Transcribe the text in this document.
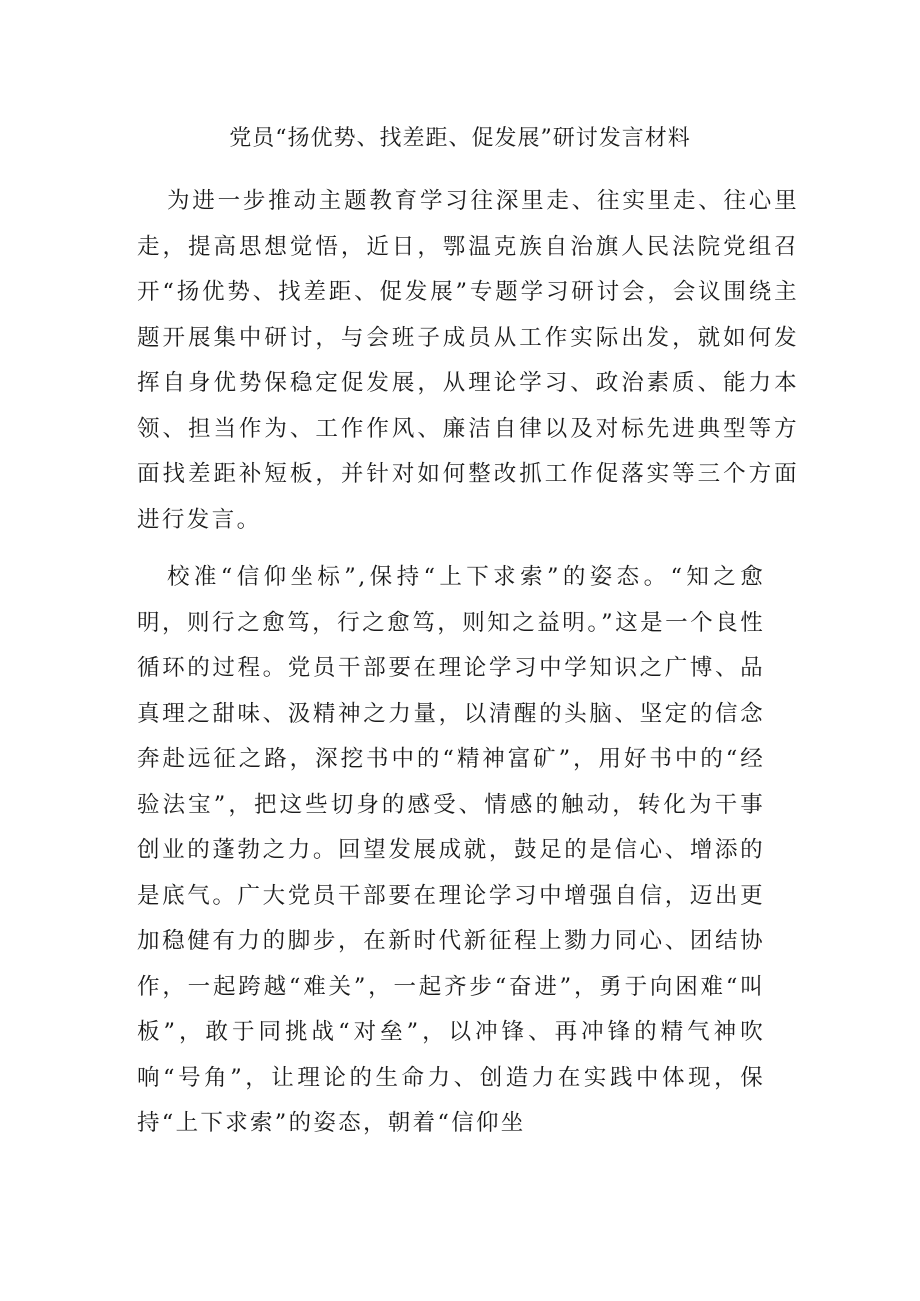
党员“扬优势、找差距、促发展”研讨发言材料

为进一步推动主题教育学习往深里走、往实里走、往心里走，提高思想觉悟，近日，鄂温克族自治旗人民法院党组召开“扬优势、找差距、促发展”专题学习研讨会，会议围绕主题开展集中研讨，与会班子成员从工作实际出发，就如何发挥自身优势保稳定促发展，从理论学习、政治素质、能力本领、担当作为、工作作风、廉洁自律以及对标先进典型等方面找差距补短板，并针对如何整改抓工作促落实等三个方面进行发言。

校准“信仰坐标”,保持“上下求索”的姿态。“知之愈明，则行之愈笃，行之愈笃，则知之益明。”这是一个良性循环的过程。党员干部要在理论学习中学知识之广博、品真理之甜味、汲精神之力量，以清醒的头脑、坚定的信念奔赴远征之路，深挖书中的“精神富矿”，用好书中的“经验法宝”，把这些切身的感受、情感的触动，转化为干事创业的蓬勃之力。回望发展成就，鼓足的是信心、增添的是底气。广大党员干部要在理论学习中增强自信，迈出更加稳健有力的脚步，在新时代新征程上勠力同心、团结协作，一起跨越“难关”，一起齐步“奋进”，勇于向困难“叫板”，敢于同挑战“对垒”，以冲锋、再冲锋的精气神吹响“号角”，让理论的生命力、创造力在实践中体现，保持“上下求索”的姿态，朝着“信仰坐
